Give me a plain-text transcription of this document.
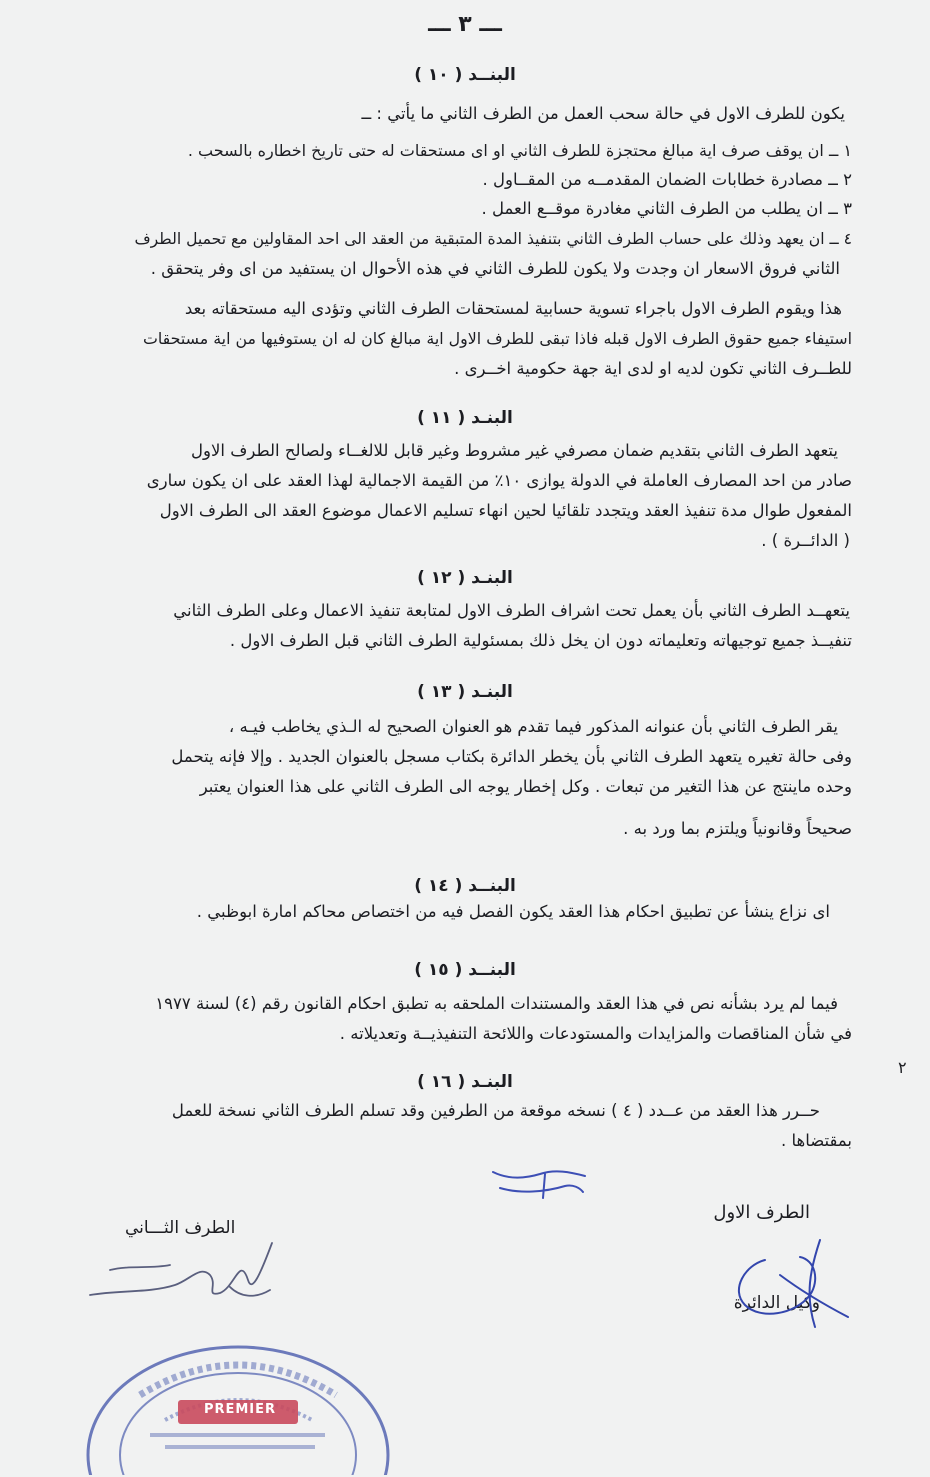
ـــ ٣ ـــ
البنــد ( ١٠ )
يكون للطرف الاول في حالة سحب العمل من الطرف الثاني ما يأتي : ــ
١ ــ ان يوقف صرف اية مبالغ محتجزة للطرف الثاني او اى مستحقات له حتى تاريخ اخطاره بالسحب .
٢ ــ مصادرة خطابات الضمان المقدمــه من المقــاول .
٣ ــ ان يطلب من الطرف الثاني مغادرة موقــع العمل .
٤ ــ ان يعهد وذلك على حساب الطرف الثاني بتنفيذ المدة المتبقية من العقد الى احد المقاولين مع تحميل الطرف
الثاني فروق الاسعار ان وجدت ولا يكون للطرف الثاني في هذه الأحوال ان يستفيد من اى وفر يتحقق .
هذا ويقوم الطرف الاول باجراء تسوية حسابية لمستحقات الطرف الثاني وتؤدى اليه مستحقاته بعد
استيفاء جميع حقوق الطرف الاول قبله فاذا تبقى للطرف الاول اية مبالغ كان له ان يستوفيها من اية مستحقات
للطــرف الثاني تكون لديه او لدى اية جهة حكومية اخــرى .
البنـد ( ١١ )
يتعهد الطرف الثاني بتقديم ضمان مصرفي غير مشروط وغير قابل للالغــاء ولصالح الطرف الاول
صادر من احد المصارف العاملة في الدولة يوازى ١٠٪ من القيمة الاجمالية لهذا العقد على ان يكون سارى
المفعول طوال مدة تنفيذ العقد ويتجدد تلقائيا لحين انهاء تسليم الاعمال موضوع العقد الى الطرف الاول
( الدائــرة ) .
البنـد ( ١٢ )
يتعهــد الطرف الثاني بأن يعمل تحت اشراف الطرف الاول لمتابعة تنفيذ الاعمال وعلى الطرف الثاني
تنفيــذ جميع توجيهاته وتعليماته دون ان يخل ذلك بمسئولية الطرف الثاني قبل الطرف الاول .
البنـد ( ١٣ )
يقر الطرف الثاني بأن عنوانه المذكور فيما تقدم هو العنوان الصحيح له الـذي يخاطب فيـه ،
وفى حالة تغيره يتعهد الطرف الثاني بأن يخطر الدائرة بكتاب مسجل بالعنوان الجديد . وإلا فإنه يتحمل
وحده ماينتج عن هذا التغير من تبعات . وكل إخطار يوجه الى الطرف الثاني على هذا العنوان يعتبر
صحيحاً وقانونياً ويلتزم بما ورد به .
البنــد ( ١٤ )
اى نزاع ينشأ عن تطبيق احكام هذا العقد يكون الفصل فيه من اختصاص محاكم امارة ابوظبي .
البنــد ( ١٥ )
فيما لم يرد بشأنه نص في هذا العقد والمستندات الملحقه به تطبق احكام القانون رقم (٤) لسنة ١٩٧٧
في شأن المناقصات والمزايدات والمستودعات واللائحة التنفيذيــة وتعديلاته .
البنـد ( ١٦ )
حــرر هذا العقد من عــدد ( ٤ ) نسخه موقعة من الطرفين وقد تسلم الطرف الثاني نسخة للعمل
بمقتضاها .
٢
الطرف الاول
الطرف الثـــاني
وكيل الدائرة
PREMIER
